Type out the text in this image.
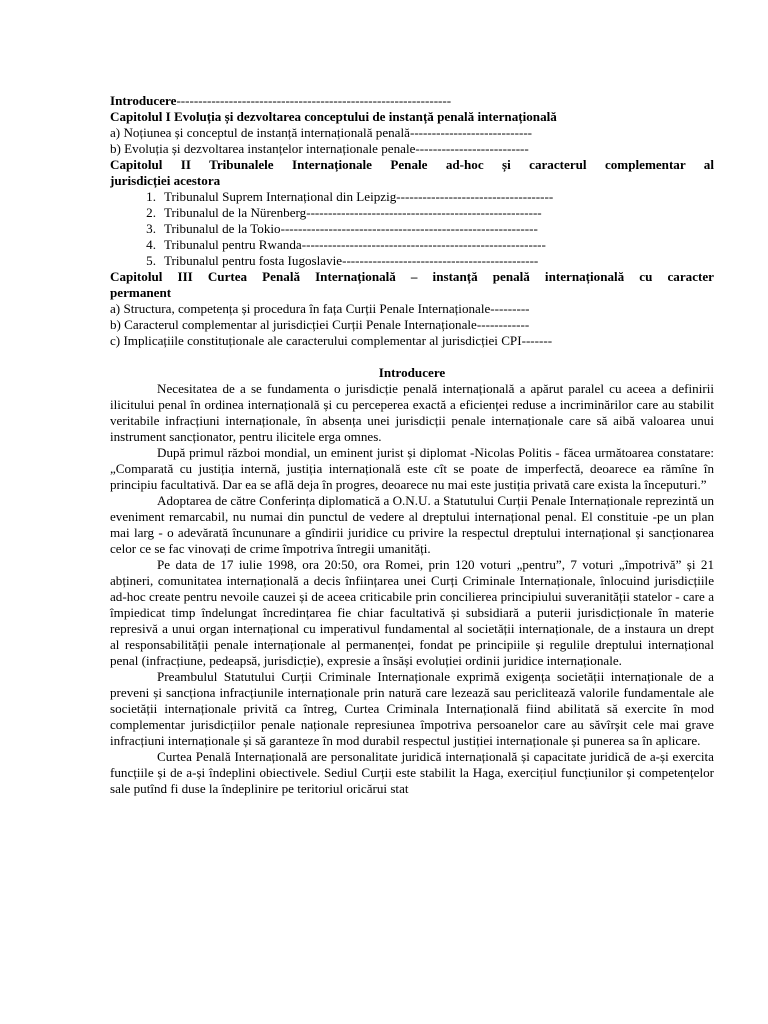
Introducere---------------------------------------------------------------
Capitolul I Evoluția și dezvoltarea conceptului de instanță penală internațională
a) Noțiunea și conceptul de instanță internațională penală----------------------------
b) Evoluția și dezvoltarea instanțelor internaționale penale--------------------------
Capitolul II Tribunalele Internaționale Penale ad-hoc și caracterul complementar al
jurisdicției acestora
1. Tribunalul Suprem Internațional din Leipzig------------------------------------
2. Tribunalul de la Nürenberg------------------------------------------------------
3. Tribunalul de la Tokio-----------------------------------------------------------
4. Tribunalul pentru Rwanda--------------------------------------------------------
5. Tribunalul pentru fosta Iugoslavie---------------------------------------------
Capitolul III Curtea Penală Internațională – instanță penală internațională cu caracter
permanent
a) Structura, competența și procedura în fața Curții Penale Internaționale---------
b) Caracterul complementar al jurisdicției Curții Penale Internaționale------------
c) Implicațiile constituționale ale caracterului complementar al jurisdicției CPI-------
Introducere

Necesitatea de a se fundamenta o jurisdicție penală internațională a apărut paralel cu aceea a definirii ilicitului penal în ordinea internațională și cu perceperea exactă a eficienței reduse a incriminărilor care au stabilit veritabile infracțiuni internaționale, în absența unei jurisdicții penale internaționale care să aibă valoarea unui instrument sancționator, pentru ilicitele erga omnes.

După primul război mondial, un eminent jurist și diplomat -Nicolas Politis - făcea următoarea constatare: „Comparată cu justiția internă, justiția internațională este cît se poate de imperfectă, deoarece ea rămîne în principiu facultativă. Dar ea se află deja în progres, deoarece nu mai este justiția privată care exista la începuturi.”

Adoptarea de către Conferința diplomatică a O.N.U. a Statutului Curții Penale Internaționale reprezintă un eveniment remarcabil, nu numai din punctul de vedere al dreptului internațional penal. El constituie -pe un plan mai larg - o adevărată încununare a gîndirii juridice cu privire la respectul dreptului internațional și sancționarea celor ce se fac vinovați de crime împotriva întregii umanități.

Pe data de 17 iulie 1998, ora 20:50, ora Romei, prin 120 voturi „pentru”, 7 voturi „împotrivă” și 21 abțineri, comunitatea internațională a decis înființarea unei Curți Criminale Internaționale, înlocuind jurisdicțiile ad-hoc create pentru nevoile cauzei și de aceea criticabile prin concilierea principiului suveranității statelor - care a împiedicat timp îndelungat încredințarea fie chiar facultativă și subsidiară a puterii jurisdicționale în materie represivă a unui organ internațional cu imperativul fundamental al societății internaționale, de a instaura un drept al responsabilității penale internaționale al permanenței, fondat pe principiile și regulile dreptului internațional penal (infracțiune, pedeapsă, jurisdicție), expresie a însăși evoluției ordinii juridice internaționale.

Preambulul Statutului Curții Criminale Internaționale exprimă exigența societății internaționale de a preveni și sancționa infracțiunile internaționale prin natură care lezează sau periclitează valorile fundamentale ale societății internaționale privită ca întreg, Curtea Criminala Internațională fiind abilitată să exercite în mod complementar jurisdicțiilor penale naționale represiunea împotriva persoanelor care au săvîrșit cele mai grave infracțiuni internaționale și să garanteze în mod durabil respectul justiției internaționale și punerea sa în aplicare.

Curtea Penală Internațională are personalitate juridică internațională și capacitate juridică de a-și exercita funcțiile și de a-și îndeplini obiectivele. Sediul Curții este stabilit la Haga, exercițiul funcțiunilor și competențelor sale putînd fi duse la îndeplinire pe teritoriul oricărui stat
